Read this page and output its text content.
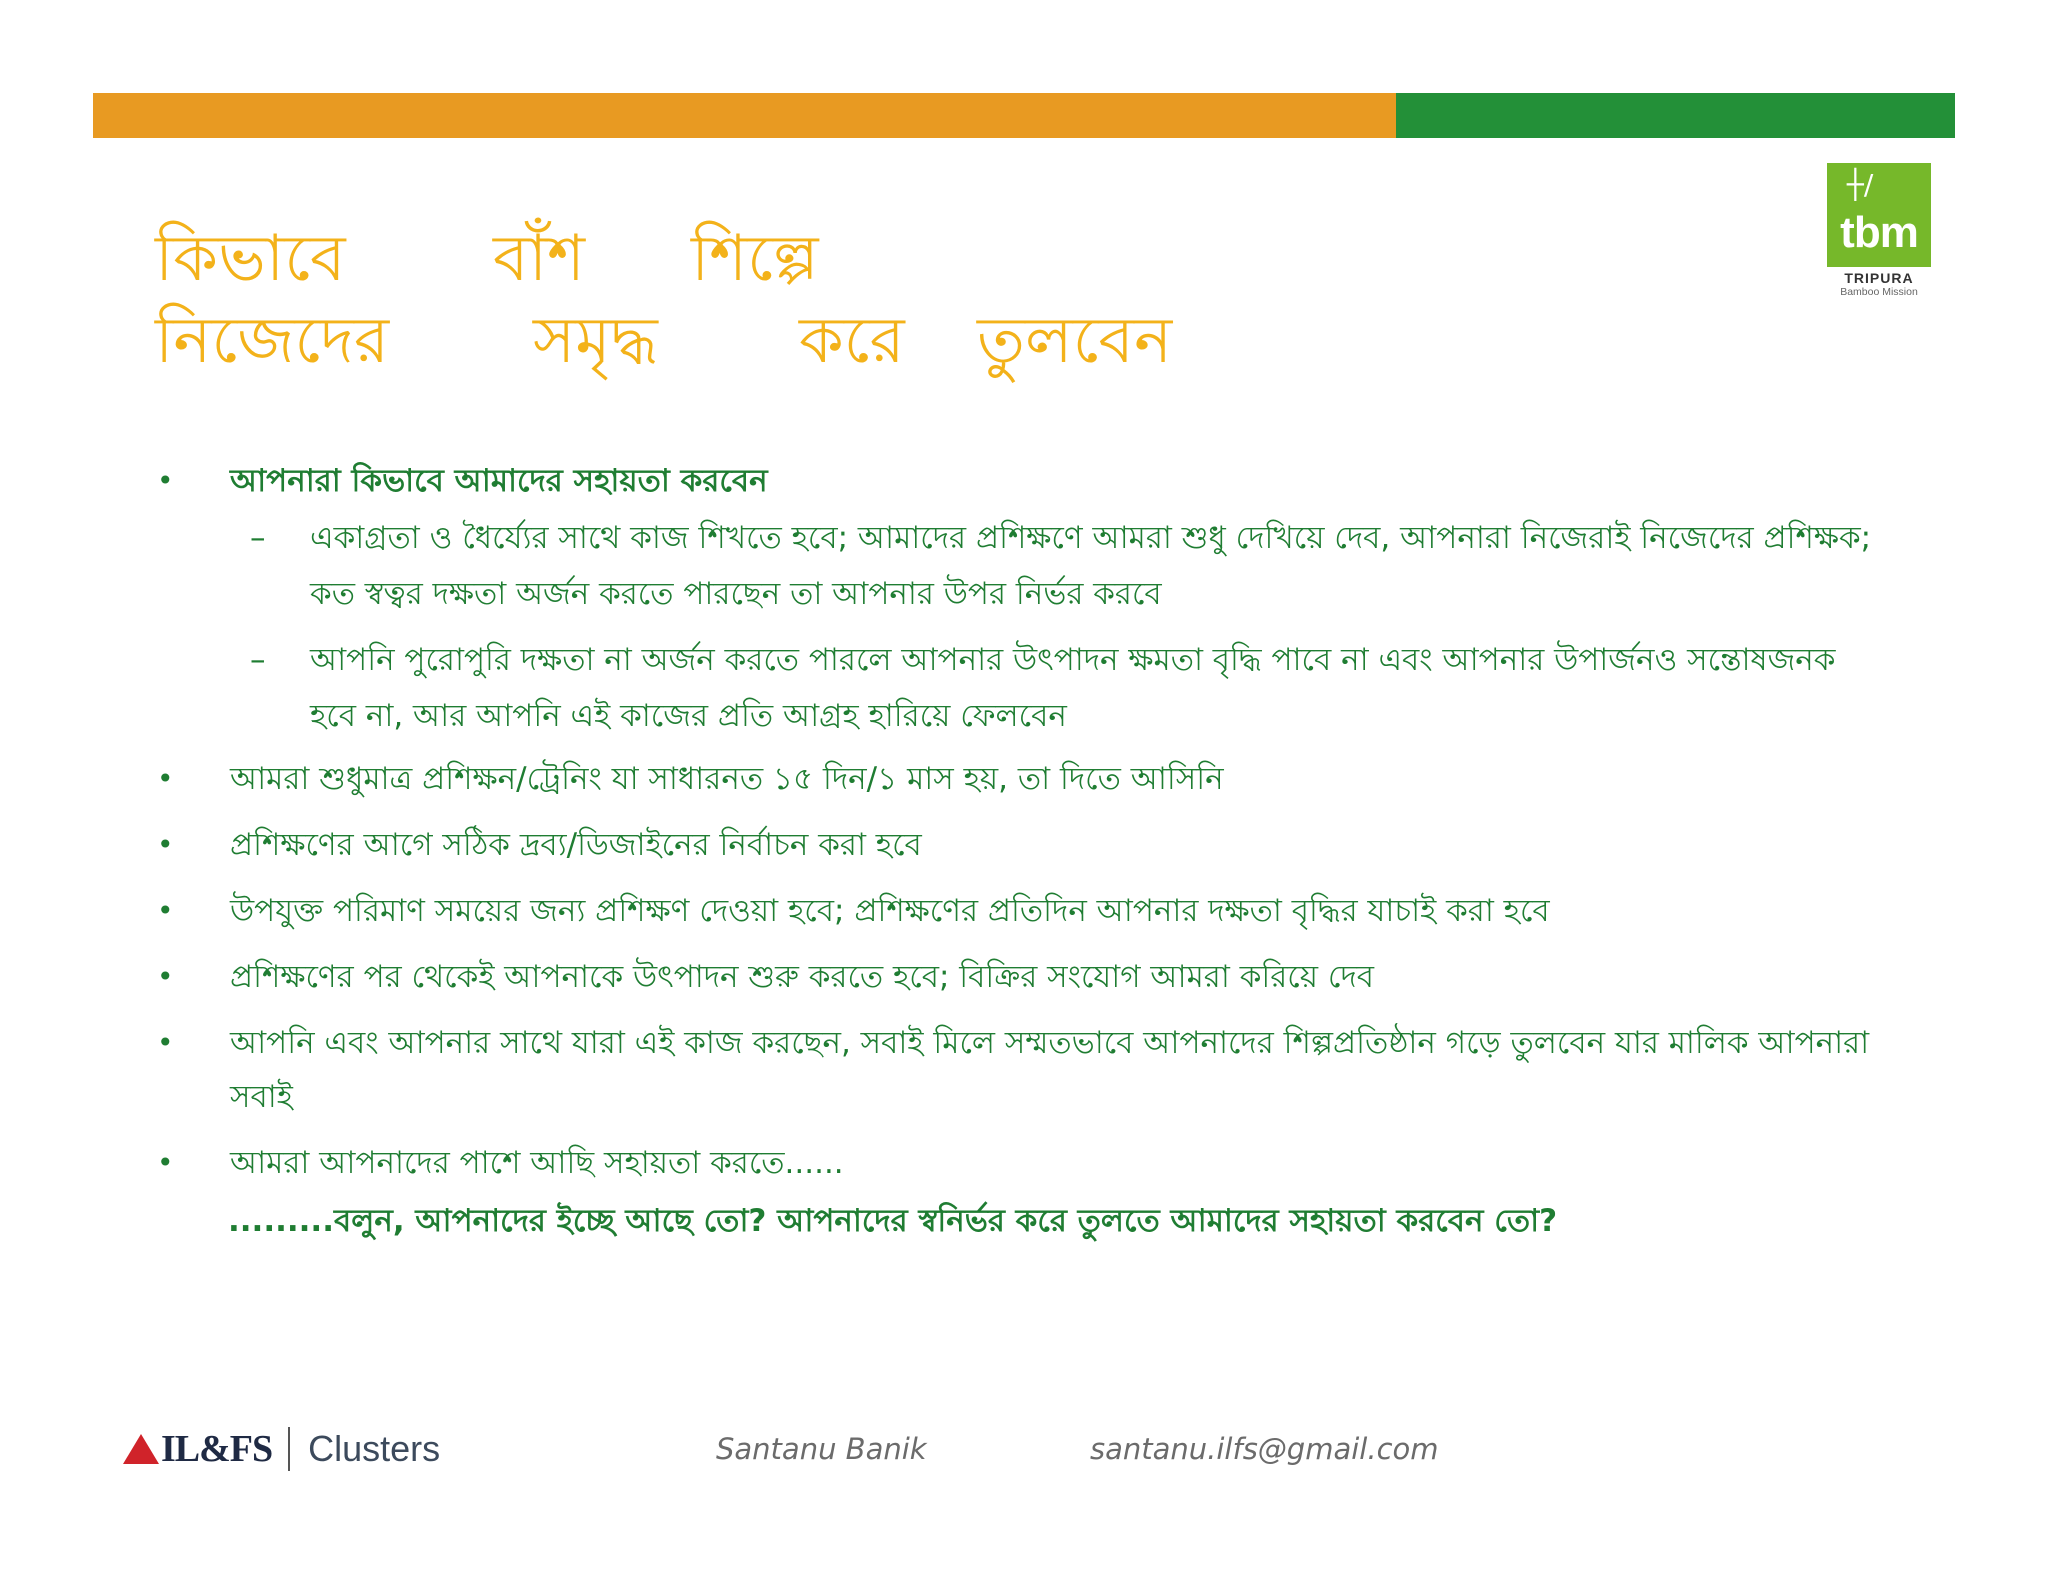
┼/
tbm
TRIPURA
Bamboo Mission
কিভাবে	বাঁশ	শিল্পে
নিজেদের	সমৃদ্ধ	করে	তুলবেন
•	আপনারা কিভাবে আমাদের সহায়তা করবেন
–	একাগ্রতা ও ধৈর্য্যের সাথে কাজ শিখতে হবে; আমাদের প্রশিক্ষণে আমরা শুধু দেখিয়ে দেব, আপনারা নিজেরাই নিজেদের প্রশিক্ষক; কত স্বত্বর দক্ষতা অর্জন করতে পারছেন তা আপনার উপর নির্ভর করবে
–	আপনি পুরোপুরি দক্ষতা না অর্জন করতে পারলে আপনার উৎপাদন ক্ষমতা বৃদ্ধি পাবে না এবং আপনার উপার্জনও সন্তোষজনক হবে না, আর আপনি এই কাজের প্রতি আগ্রহ হারিয়ে ফেলবেন
•	আমরা শুধুমাত্র প্রশিক্ষন/ট্রেনিং যা সাধারনত ১৫ দিন/১ মাস হয়, তা দিতে আসিনি
•	প্রশিক্ষণের আগে সঠিক দ্রব্য/ডিজাইনের নির্বাচন করা হবে
•	উপযুক্ত পরিমাণ সময়ের জন্য প্রশিক্ষণ দেওয়া হবে; প্রশিক্ষণের প্রতিদিন আপনার দক্ষতা বৃদ্ধির যাচাই করা হবে
•	প্রশিক্ষণের পর থেকেই আপনাকে উৎপাদন শুরু করতে হবে; বিক্রির সংযোগ আমরা করিয়ে দেব
•	আপনি এবং আপনার সাথে যারা এই কাজ করছেন, সবাই মিলে সম্মতভাবে আপনাদের শিল্পপ্রতিষ্ঠান গড়ে তুলবেন যার মালিক আপনারা সবাই
•	আমরা আপনাদের পাশে আছি সহায়তা করতে......
.........বলুন, আপনাদের ইচ্ছে আছে তো? আপনাদের স্বনির্ভর করে তুলতে আমাদের সহায়তা করবেন তো?
IL&FS Clusters	Santanu Banik	santanu.ilfs@gmail.com
